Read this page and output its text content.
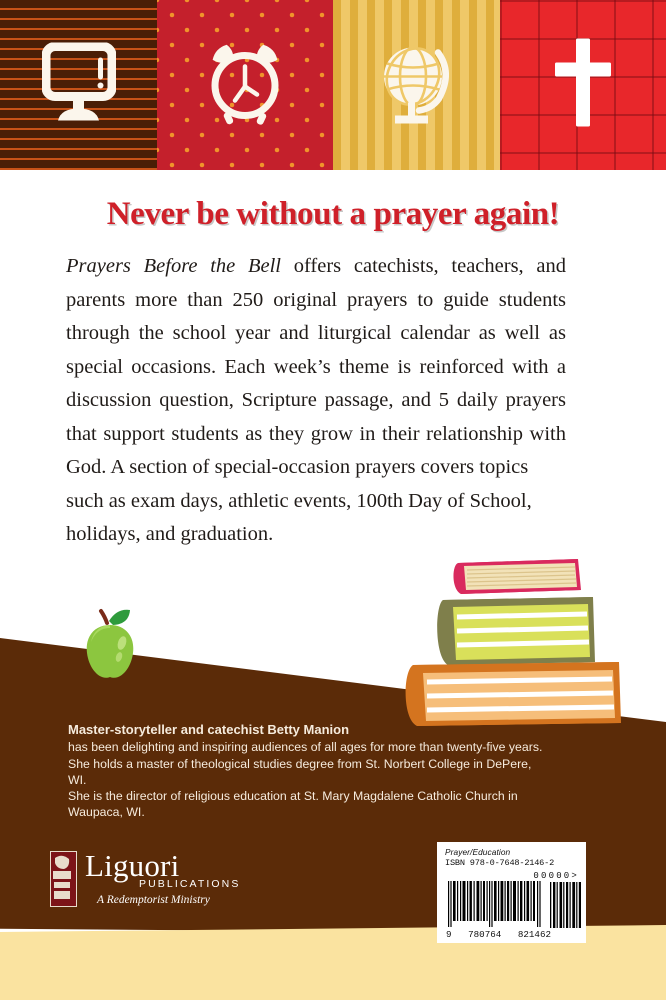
Never be without a prayer again!

Prayers Before the Bell offers catechists, teachers, and parents more than 250 original prayers to guide students through the school year and liturgical calendar as well as special occasions. Each week’s theme is reinforced with a discussion question, Scripture passage, and 5 daily prayers that support students as they grow in their relationship with God. A section of special-occasion prayers covers topics

such as exam days, athletic events, 100th Day of School, holidays, and graduation.

Master-storyteller and catechist Betty Manion
has been delighting and inspiring audiences of all ages for more than twenty-five years.
She holds a master of theological studies degree from St. Norbert College in DePere, WI.
She is the director of religious education at St. Mary Magdalene Catholic Church in
Waupaca, WI.
Liguori
PUBLICATIONS
A Redemptorist Ministry
Prayer/Education
ISBN 978-0-7648-2146-2
00000>
9 780764 821462
